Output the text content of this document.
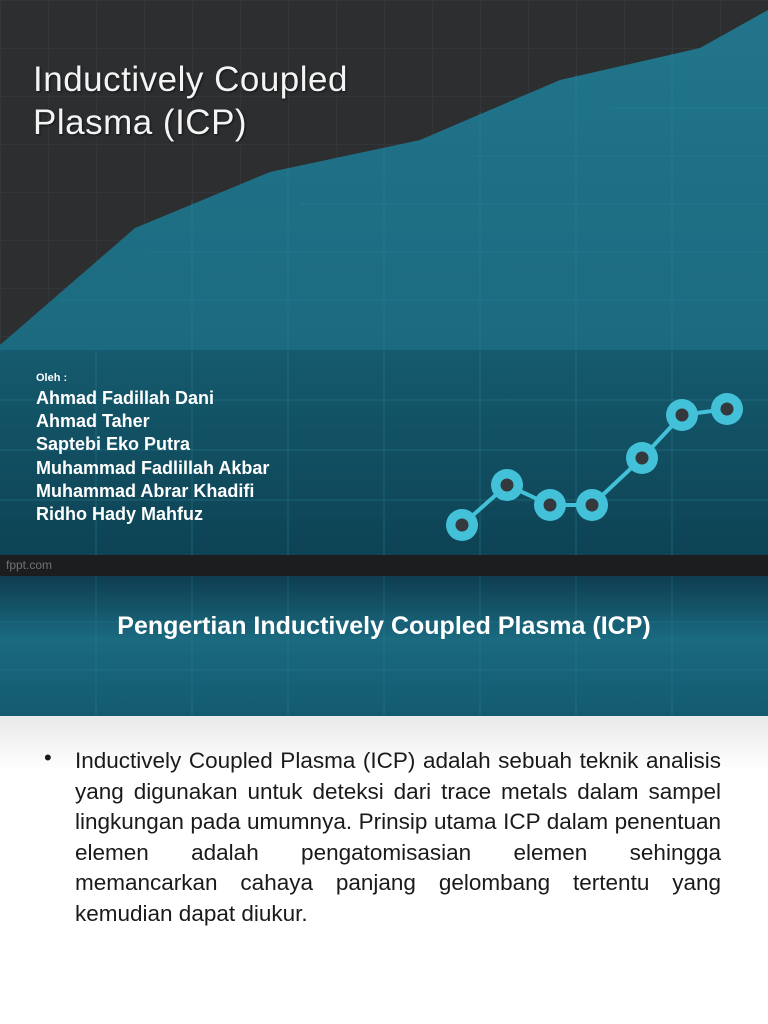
Inductively Coupled Plasma (ICP)
Oleh :
Ahmad Fadillah Dani
Ahmad Taher
Saptebi Eko Putra
Muhammad Fadlillah Akbar
Muhammad Abrar Khadifi
Ridho Hady Mahfuz
fppt.com
Pengertian Inductively Coupled Plasma (ICP)
• Inductively Coupled Plasma (ICP) adalah sebuah teknik analisis yang digunakan untuk deteksi dari trace metals dalam sampel lingkungan pada umumnya. Prinsip utama ICP dalam penentuan elemen adalah pengatomisasian elemen sehingga memancarkan cahaya panjang gelombang tertentu yang kemudian dapat diukur.
